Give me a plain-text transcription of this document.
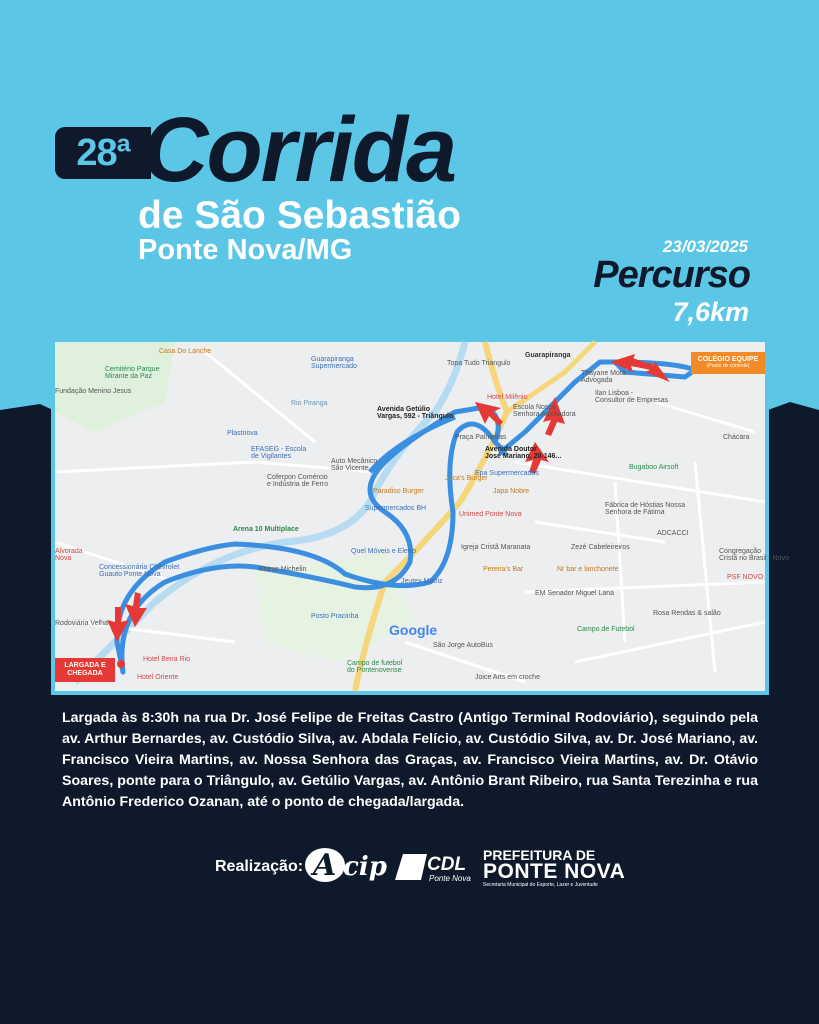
28ª Corrida
de São Sebastião
Ponte Nova/MG	23/03/2025
Percurso
7,6km
Casa Do Lanche
Cemitério Parque
Mirante da Paz
Fundação Menino Jesus
Guarapiranga
Supermercado	Topa Tudo Triangulo
Guarapiranga
Hotel Milênio
Avenida Getúlio
Vargas, 592 - Triângulo
Praça Palmeiras
Avenida Doutor
José Mariano, 20-146...
Plastnova
EFASEG - Escola
de Vigilantes
Auto Mecânico
São Vicente
Paradiso Burger
Coferpon Comércio
e Indústria de Ferro
Supermercados BH
Joca's Burger
Epa Supermercados
Japa Nobre
Unimed Ponte Nova
Arena 10 Multiplace
Concessionária Chevrolet
Guauto Ponte Nova
Pneus Michelin
Quel Móveis e Eletro
Jeutex Matriz
Rodoviária Velha
Hotel Beira Rio
Hotel Oriente
Posto Pracinha
Igreja Cristã Maranata	Zezé Cabeleireiros
Nr bar e lanchonete
Pereira's Bar
EM Senador Miguel Lana
Campo de Futebol
São Jorge AutoBus
Campo de futebol
do Pontenovense
Escola Nossa
Senhora Auxiliadora
Ilan Lisboa -
Consultor de Empresas
Thayane Mota
Advogada
Bugaboo Airsoft
Fábrica de Hóstias Nossa
Senhora de Fátima
ADCACCI
Congregação
Cristã no Brasil - Novo
PSF NOVO
Rosa Rendas & salão
Joice Arts em croche
Alvorada
Nova
Chácara
Rio Piranga
Google
LARGADA E CHEGADA
COLÉGIO EQUIPE
(Ponto de controle)
Largada às 8:30h na rua Dr. José Felipe de Freitas Castro (Antigo Terminal Rodoviário), seguindo pela av. Arthur Bernardes, av. Custódio Silva, av. Abdala Felício, av. Custódio Silva, av. Dr. José Mariano, av. Francisco Vieira Martins, av. Nossa Senhora das Graças, av. Francisco Vieira Martins, av. Dr. Otávio Soares, ponte para o Triângulo, av. Getúlio Vargas, av. Antônio Brant Ribeiro, rua Santa Terezinha e rua Antônio Frederico Ozanan, até o ponto de chegada/largada.
Realização: A cip CDL
Ponte Nova
PREFEITURA DE
PONTE NOVA
Secretaria Municipal do Esporte, Lazer e Juventude
